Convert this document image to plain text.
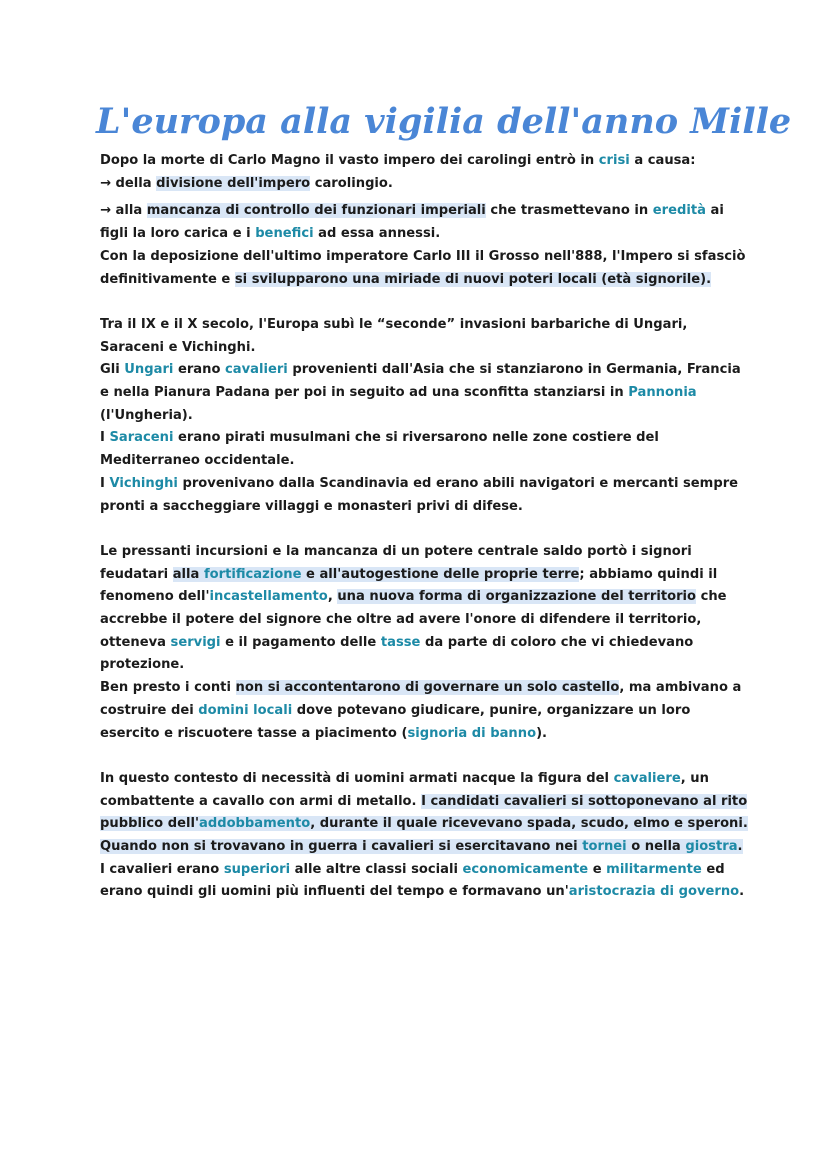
L'europa alla vigilia dell'anno Mille

Dopo la morte di Carlo Magno il vasto impero dei carolingi entrò in crisi a causa:

→ della divisione dell'impero carolingio.

→ alla mancanza di controllo dei funzionari imperiali che trasmettevano in eredità ai figli la loro carica e i benefici ad essa annessi.

Con la deposizione dell'ultimo imperatore Carlo III il Grosso nell'888, l'Impero si sfasciò definitivamente e si svilupparono una miriade di nuovi poteri locali (età signorile).

Tra il IX e il X secolo, l'Europa subì le “seconde” invasioni barbariche di Ungari, Saraceni e Vichinghi.

Gli Ungari erano cavalieri provenienti dall'Asia che si stanziarono in Germania, Francia e nella Pianura Padana per poi in seguito ad una sconfitta stanziarsi in Pannonia (l'Ungheria).

I Saraceni erano pirati musulmani che si riversarono nelle zone costiere del Mediterraneo occidentale.

I Vichinghi provenivano dalla Scandinavia ed erano abili navigatori e mercanti sempre pronti a saccheggiare villaggi e monasteri privi di difese.

Le pressanti incursioni e la mancanza di un potere centrale saldo portò i signori feudatari alla fortificazione e all'autogestione delle proprie terre; abbiamo quindi il fenomeno dell'incastellamento, una nuova forma di organizzazione del territorio che accrebbe il potere del signore che oltre ad avere l'onore di difendere il territorio, otteneva servigi e il pagamento delle tasse da parte di coloro che vi chiedevano protezione.

Ben presto i conti non si accontentarono di governare un solo castello, ma ambivano a costruire dei domini locali dove potevano giudicare, punire, organizzare un loro esercito e riscuotere tasse a piacimento (signoria di banno).

In questo contesto di necessità di uomini armati nacque la figura del cavaliere, un combattente a cavallo con armi di metallo. I candidati cavalieri si sottoponevano al rito pubblico dell'addobbamento, durante il quale ricevevano spada, scudo, elmo e speroni. Quando non si trovavano in guerra i cavalieri si esercitavano nei tornei o nella giostra.

I cavalieri erano superiori alle altre classi sociali economicamente e militarmente ed erano quindi gli uomini più influenti del tempo e formavano un'aristocrazia di governo.
